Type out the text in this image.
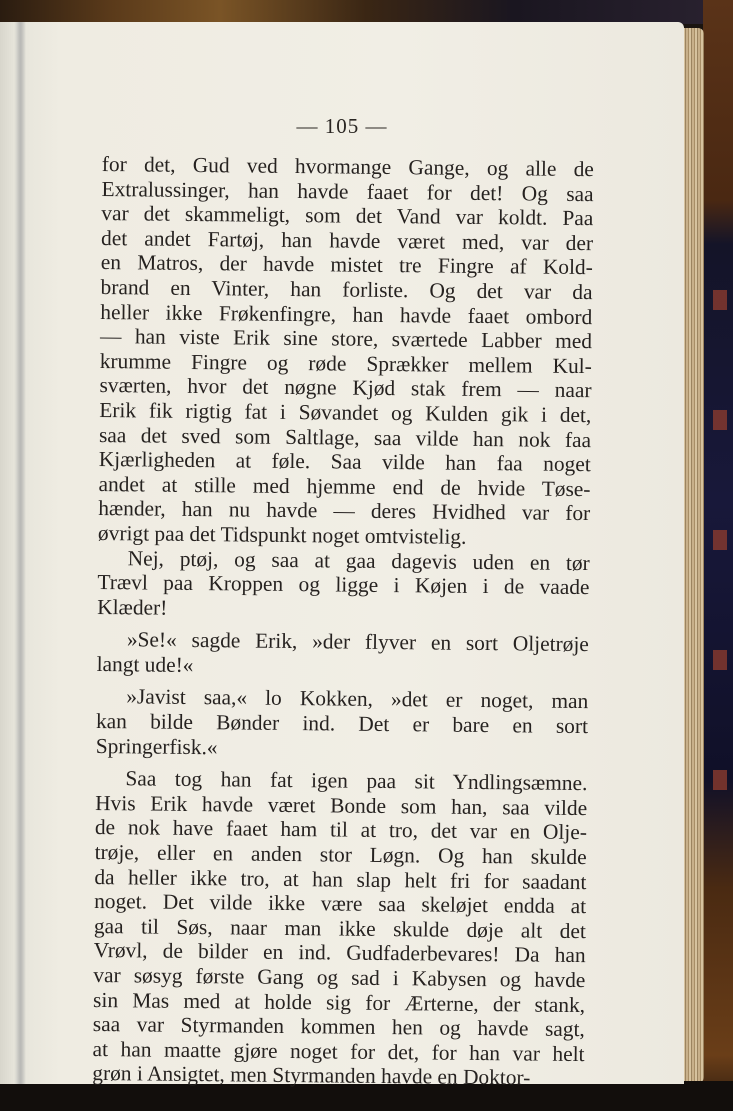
— 105 —
for det, Gud ved hvormange Gange, og alle de
Extralussinger, han havde faaet for det! Og saa
var det skammeligt, som det Vand var koldt. Paa
det andet Fartøj, han havde været med, var der
en Matros, der havde mistet tre Fingre af Kold-
brand en Vinter, han forliste. Og det var da
heller ikke Frøkenfingre, han havde faaet ombord
— han viste Erik sine store, sværtede Labber med
krumme Fingre og røde Sprækker mellem Kul-
sværten, hvor det nøgne Kjød stak frem — naar
Erik fik rigtig fat i Søvandet og Kulden gik i det,
saa det sved som Saltlage, saa vilde han nok faa
Kjærligheden at føle. Saa vilde han faa noget
andet at stille med hjemme end de hvide Tøse-
hænder, han nu havde — deres Hvidhed var for
øvrigt paa det Tidspunkt noget omtvistelig.
Nej, ptøj, og saa at gaa dagevis uden en tør
Trævl paa Kroppen og ligge i Køjen i de vaade
Klæder!
»Se!« sagde Erik, »der flyver en sort Oljetrøje
langt ude!«
»Javist saa,« lo Kokken, »det er noget, man
kan bilde Bønder ind. Det er bare en sort
Springerfisk.«
Saa tog han fat igen paa sit Yndlingsæmne.
Hvis Erik havde været Bonde som han, saa vilde
de nok have faaet ham til at tro, det var en Olje-
trøje, eller en anden stor Løgn. Og han skulde
da heller ikke tro, at han slap helt fri for saadant
noget. Det vilde ikke være saa skeløjet endda at
gaa til Søs, naar man ikke skulde døje alt det
Vrøvl, de bilder en ind. Gudfaderbevares! Da han
var søsyg første Gang og sad i Kabysen og havde
sin Mas med at holde sig for Ærterne, der stank,
saa var Styrmanden kommen hen og havde sagt,
at han maatte gjøre noget for det, for han var helt
grøn i Ansigtet, men Styrmanden havde en Doktor-
